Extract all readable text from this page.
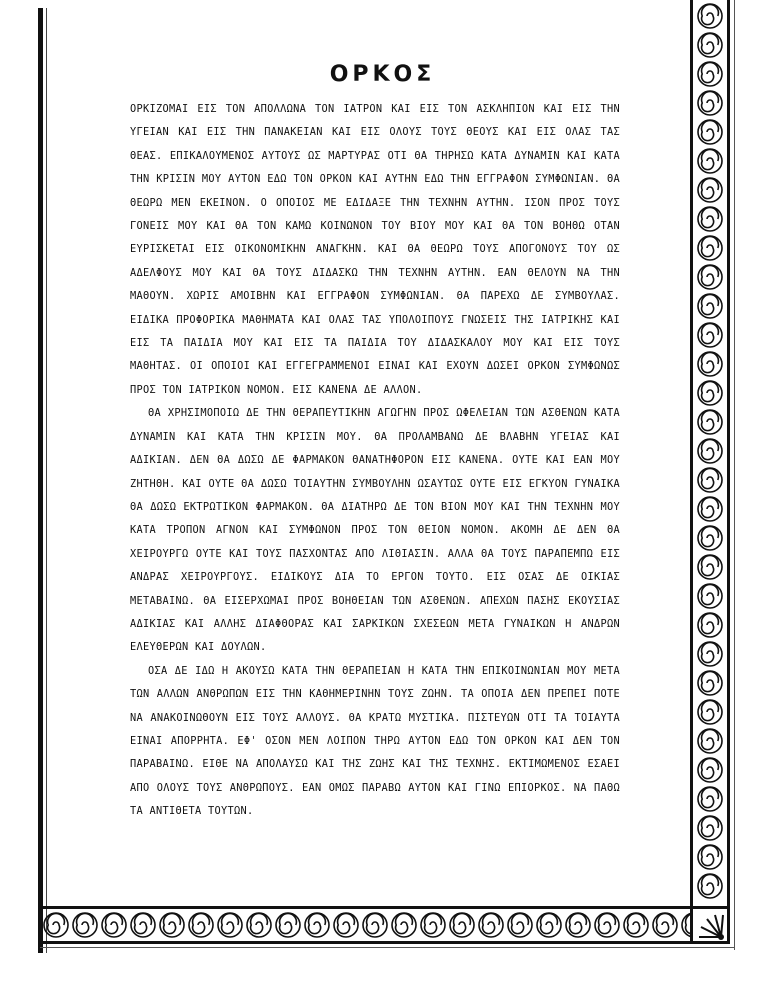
ΟΡΚΟΣ

ΟΡΚΙΖΟΜΑΙ ΕΙΣ ΤΟΝ ΑΠΟΛΛΩΝΑ ΤΟΝ ΙΑΤΡΟΝ ΚΑΙ ΕΙΣ ΤΟΝ ΑΣΚΛΗΠΙΟΝ ΚΑΙ ΕΙΣ ΤΗΝ ΥΓΕΙΑΝ ΚΑΙ ΕΙΣ ΤΗΝ ΠΑΝΑΚΕΙΑΝ ΚΑΙ ΕΙΣ ΟΛΟΥΣ ΤΟΥΣ ΘΕΟΥΣ ΚΑΙ ΕΙΣ ΟΛΑΣ ΤΑΣ ΘΕΑΣ. ΕΠΙΚΑΛΟΥΜΕΝΟΣ ΑΥΤΟΥΣ ΩΣ ΜΑΡΤΥΡΑΣ ΟΤΙ ΘΑ ΤΗΡΗΣΩ ΚΑΤΑ ΔΥΝΑΜΙΝ ΚΑΙ ΚΑΤΑ ΤΗΝ ΚΡΙΣΙΝ ΜΟΥ ΑΥΤΟΝ ΕΔΩ ΤΟΝ ΟΡΚΟΝ ΚΑΙ ΑΥΤΗΝ ΕΔΩ ΤΗΝ ΕΓΓΡΑΦΟΝ ΣΥΜΦΩΝΙΑΝ. ΘΑ ΘΕΩΡΩ ΜΕΝ ΕΚΕΙΝΟΝ. Ο ΟΠΟΙΟΣ ΜΕ ΕΔΙΔΑΞΕ ΤΗΝ ΤΕΧΝΗΝ ΑΥΤΗΝ. ΙΣΟΝ ΠΡΟΣ ΤΟΥΣ ΓΟΝΕΙΣ ΜΟΥ ΚΑΙ ΘΑ ΤΟΝ ΚΑΜΩ ΚΟΙΝΩΝΟΝ ΤΟΥ ΒΙΟΥ ΜΟΥ ΚΑΙ ΘΑ ΤΟΝ ΒΟΗΘΩ ΟΤΑΝ ΕΥΡΙΣΚΕΤΑΙ ΕΙΣ ΟΙΚΟΝΟΜΙΚΗΝ ΑΝΑΓΚΗΝ. ΚΑΙ ΘΑ ΘΕΩΡΩ ΤΟΥΣ ΑΠΟΓΟΝΟΥΣ ΤΟΥ ΩΣ ΑΔΕΛΦΟΥΣ ΜΟΥ ΚΑΙ ΘΑ ΤΟΥΣ ΔΙΔΑΣΚΩ ΤΗΝ ΤΕΧΝΗΝ ΑΥΤΗΝ. ΕΑΝ ΘΕΛΟΥΝ ΝΑ ΤΗΝ ΜΑΘΟΥΝ. ΧΩΡΙΣ ΑΜΟΙΒΗΝ ΚΑΙ ΕΓΓΡΑΦΟΝ ΣΥΜΦΩΝΙΑΝ. ΘΑ ΠΑΡΕΧΩ ΔΕ ΣΥΜΒΟΥΛΑΣ. ΕΙΔΙΚΑ ΠΡΟΦΟΡΙΚΑ ΜΑΘΗΜΑΤΑ ΚΑΙ ΟΛΑΣ ΤΑΣ ΥΠΟΛΟΙΠΟΥΣ ΓΝΩΣΕΙΣ ΤΗΣ ΙΑΤΡΙΚΗΣ ΚΑΙ ΕΙΣ ΤΑ ΠΑΙΔΙΑ ΜΟΥ ΚΑΙ ΕΙΣ ΤΑ ΠΑΙΔΙΑ ΤΟΥ ΔΙΔΑΣΚΑΛΟΥ ΜΟΥ ΚΑΙ ΕΙΣ ΤΟΥΣ ΜΑΘΗΤΑΣ. ΟΙ ΟΠΟΙΟΙ ΚΑΙ ΕΓΓΕΓΡΑΜΜΕΝΟΙ ΕΙΝΑΙ ΚΑΙ ΕΧΟΥΝ ΔΩΣΕΙ ΟΡΚΟΝ ΣΥΜΦΩΝΩΣ ΠΡΟΣ ΤΟΝ ΙΑΤΡΙΚΟΝ ΝΟΜΟΝ. ΕΙΣ ΚΑΝΕΝΑ ΔΕ ΑΛΛΟΝ.

ΘΑ ΧΡΗΣΙΜΟΠΟΙΩ ΔΕ ΤΗΝ ΘΕΡΑΠΕΥΤΙΚΗΝ ΑΓΩΓΗΝ ΠΡΟΣ ΩΦΕΛΕΙΑΝ ΤΩΝ ΑΣΘΕΝΩΝ ΚΑΤΑ ΔΥΝΑΜΙΝ ΚΑΙ ΚΑΤΑ ΤΗΝ ΚΡΙΣΙΝ ΜΟΥ. ΘΑ ΠΡΟΛΑΜΒΑΝΩ ΔΕ ΒΛΑΒΗΝ ΥΓΕΙΑΣ ΚΑΙ ΑΔΙΚΙΑΝ. ΔΕΝ ΘΑ ΔΩΣΩ ΔΕ ΦΑΡΜΑΚΟΝ ΘΑΝΑΤΗΦΟΡΟΝ ΕΙΣ ΚΑΝΕΝΑ. ΟΥΤΕ ΚΑΙ ΕΑΝ ΜΟΥ ΖΗΤΗΘΗ. ΚΑΙ ΟΥΤΕ ΘΑ ΔΩΣΩ ΤΟΙΑΥΤΗΝ ΣΥΜΒΟΥΛΗΝ ΩΣΑΥΤΩΣ ΟΥΤΕ ΕΙΣ ΕΓΚΥΟΝ ΓΥΝΑΙΚΑ ΘΑ ΔΩΣΩ ΕΚΤΡΩΤΙΚΟΝ ΦΑΡΜΑΚΟΝ. ΘΑ ΔΙΑΤΗΡΩ ΔΕ ΤΟΝ ΒΙΟΝ ΜΟΥ ΚΑΙ ΤΗΝ ΤΕΧΝΗΝ ΜΟΥ ΚΑΤΑ ΤΡΟΠΟΝ ΑΓΝΟΝ ΚΑΙ ΣΥΜΦΩΝΟΝ ΠΡΟΣ ΤΟΝ ΘΕΙΟΝ ΝΟΜΟΝ. ΑΚΟΜΗ ΔΕ ΔΕΝ ΘΑ ΧΕΙΡΟΥΡΓΩ ΟΥΤΕ ΚΑΙ ΤΟΥΣ ΠΑΣΧΟΝΤΑΣ ΑΠΟ ΛΙΘΙΑΣΙΝ. ΑΛΛΑ ΘΑ ΤΟΥΣ ΠΑΡΑΠΕΜΠΩ ΕΙΣ ΑΝΔΡΑΣ ΧΕΙΡΟΥΡΓΟΥΣ. ΕΙΔΙΚΟΥΣ ΔΙΑ ΤΟ ΕΡΓΟΝ ΤΟΥΤΟ. ΕΙΣ ΟΣΑΣ ΔΕ ΟΙΚΙΑΣ ΜΕΤΑΒΑΙΝΩ. ΘΑ ΕΙΣΕΡΧΩΜΑΙ ΠΡΟΣ ΒΟΗΘΕΙΑΝ ΤΩΝ ΑΣΘΕΝΩΝ. ΑΠΕΧΩΝ ΠΑΣΗΣ ΕΚΟΥΣΙΑΣ ΑΔΙΚΙΑΣ ΚΑΙ ΑΛΛΗΣ ΔΙΑΦΘΟΡΑΣ ΚΑΙ ΣΑΡΚΙΚΩΝ ΣΧΕΣΕΩΝ ΜΕΤΑ ΓΥΝΑΙΚΩΝ Η ΑΝΔΡΩΝ ΕΛΕΥΘΕΡΩΝ ΚΑΙ ΔΟΥΛΩΝ.

ΟΣΑ ΔΕ ΙΔΩ Η ΑΚΟΥΣΩ ΚΑΤΑ ΤΗΝ ΘΕΡΑΠΕΙΑΝ Η ΚΑΤΑ ΤΗΝ ΕΠΙΚΟΙΝΩΝΙΑΝ ΜΟΥ ΜΕΤΑ ΤΩΝ ΑΛΛΩΝ ΑΝΘΡΩΠΩΝ ΕΙΣ ΤΗΝ ΚΑΘΗΜΕΡΙΝΗΝ ΤΟΥΣ ΖΩΗΝ. ΤΑ ΟΠΟΙΑ ΔΕΝ ΠΡΕΠΕΙ ΠΟΤΕ ΝΑ ΑΝΑΚΟΙΝΩΘΟΥΝ ΕΙΣ ΤΟΥΣ ΑΛΛΟΥΣ. ΘΑ ΚΡΑΤΩ ΜΥΣΤΙΚΑ. ΠΙΣΤΕΥΩΝ ΟΤΙ ΤΑ ΤΟΙΑΥΤΑ ΕΙΝΑΙ ΑΠΟΡΡΗΤΑ. ΕΦ' ΟΣΟΝ ΜΕΝ ΛΟΙΠΟΝ ΤΗΡΩ ΑΥΤΟΝ ΕΔΩ ΤΟΝ ΟΡΚΟΝ ΚΑΙ ΔΕΝ ΤΟΝ ΠΑΡΑΒΑΙΝΩ. ΕΙΘΕ ΝΑ ΑΠΟΛΑΥΣΩ ΚΑΙ ΤΗΣ ΖΩΗΣ ΚΑΙ ΤΗΣ ΤΕΧΝΗΣ. ΕΚΤΙΜΩΜΕΝΟΣ ΕΣΑΕΙ ΑΠΟ ΟΛΟΥΣ ΤΟΥΣ ΑΝΘΡΩΠΟΥΣ. ΕΑΝ ΟΜΩΣ ΠΑΡΑΒΩ ΑΥΤΟΝ ΚΑΙ ΓΙΝΩ ΕΠΙΟΡΚΟΣ. ΝΑ ΠΑΘΩ ΤΑ ΑΝΤΙΘΕΤΑ ΤΟΥΤΩΝ.
